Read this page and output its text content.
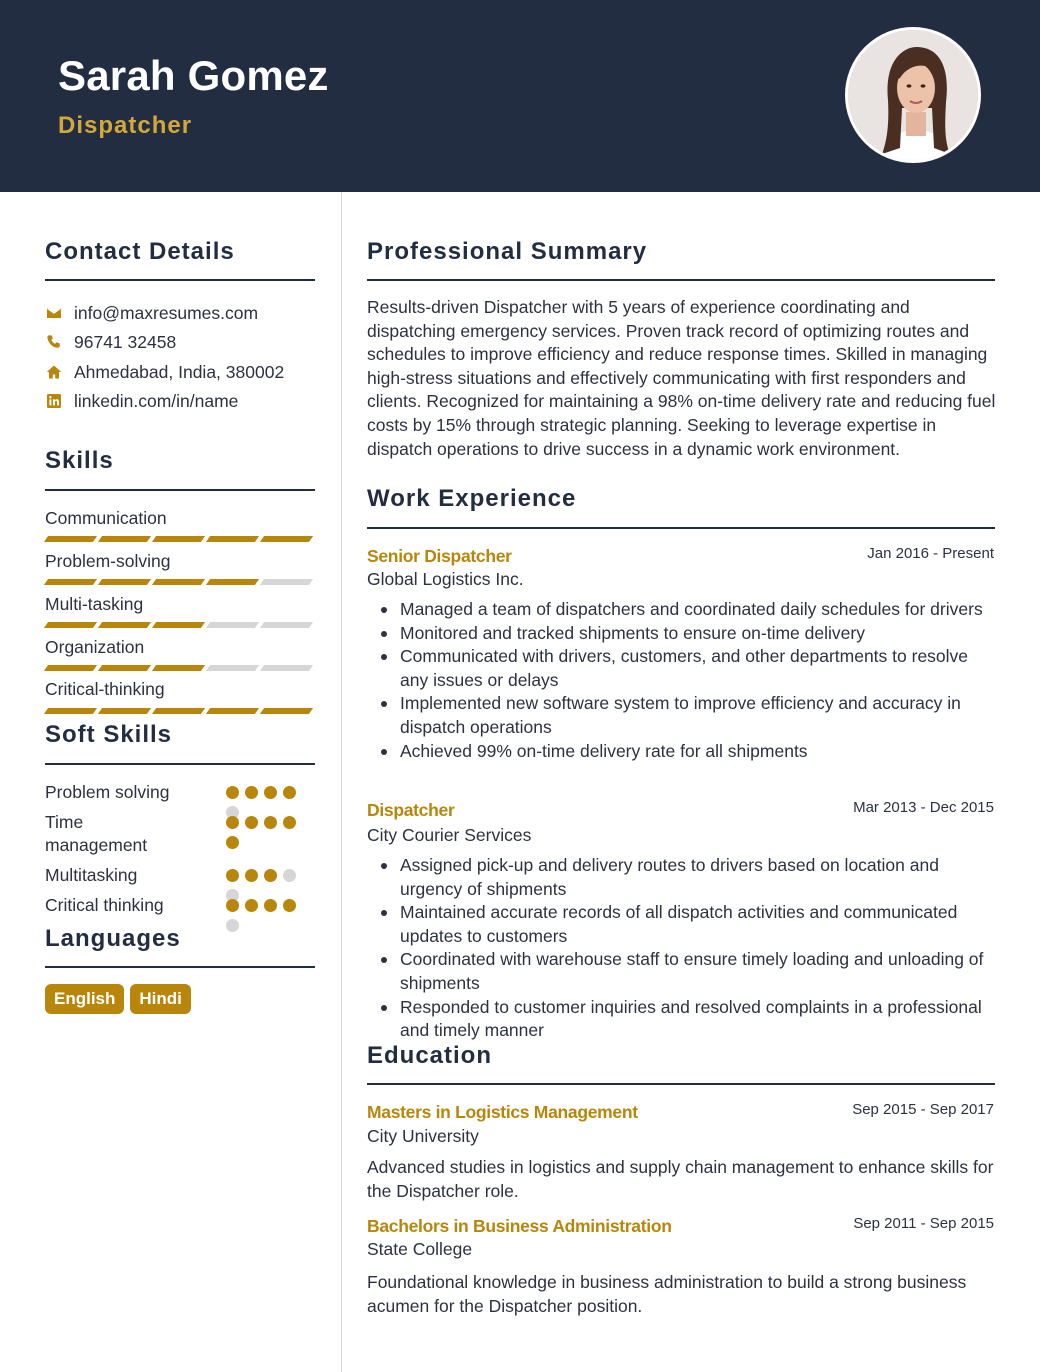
Sarah Gomez
Dispatcher
Contact Details
info@maxresumes.com
96741 32458
Ahmedabad, India, 380002
linkedin.com/in/name
Skills
Communication
Problem-solving
Multi-tasking
Organization
Critical-thinking
Soft Skills
Problem solving
Time management
Multitasking
Critical thinking
Languages
English	Hindi
Professional Summary
Results-driven Dispatcher with 5 years of experience coordinating and dispatching emergency services. Proven track record of optimizing routes and schedules to improve efficiency and reduce response times. Skilled in managing high-stress situations and effectively communicating with first responders and clients. Recognized for maintaining a 98% on-time delivery rate and reducing fuel costs by 15% through strategic planning. Seeking to leverage expertise in dispatch operations to drive success in a dynamic work environment.
Work Experience
Senior Dispatcher	Jan 2016 - Present
Global Logistics Inc.
Managed a team of dispatchers and coordinated daily schedules for drivers
Monitored and tracked shipments to ensure on-time delivery
Communicated with drivers, customers, and other departments to resolve any issues or delays
Implemented new software system to improve efficiency and accuracy in dispatch operations
Achieved 99% on-time delivery rate for all shipments
Dispatcher	Mar 2013 - Dec 2015
City Courier Services
Assigned pick-up and delivery routes to drivers based on location and urgency of shipments
Maintained accurate records of all dispatch activities and communicated updates to customers
Coordinated with warehouse staff to ensure timely loading and unloading of shipments
Responded to customer inquiries and resolved complaints in a professional and timely manner
Education
Masters in Logistics Management	Sep 2015 - Sep 2017
City University
Advanced studies in logistics and supply chain management to enhance skills for the Dispatcher role.
Bachelors in Business Administration	Sep 2011 - Sep 2015
State College
Foundational knowledge in business administration to build a strong business acumen for the Dispatcher position.
